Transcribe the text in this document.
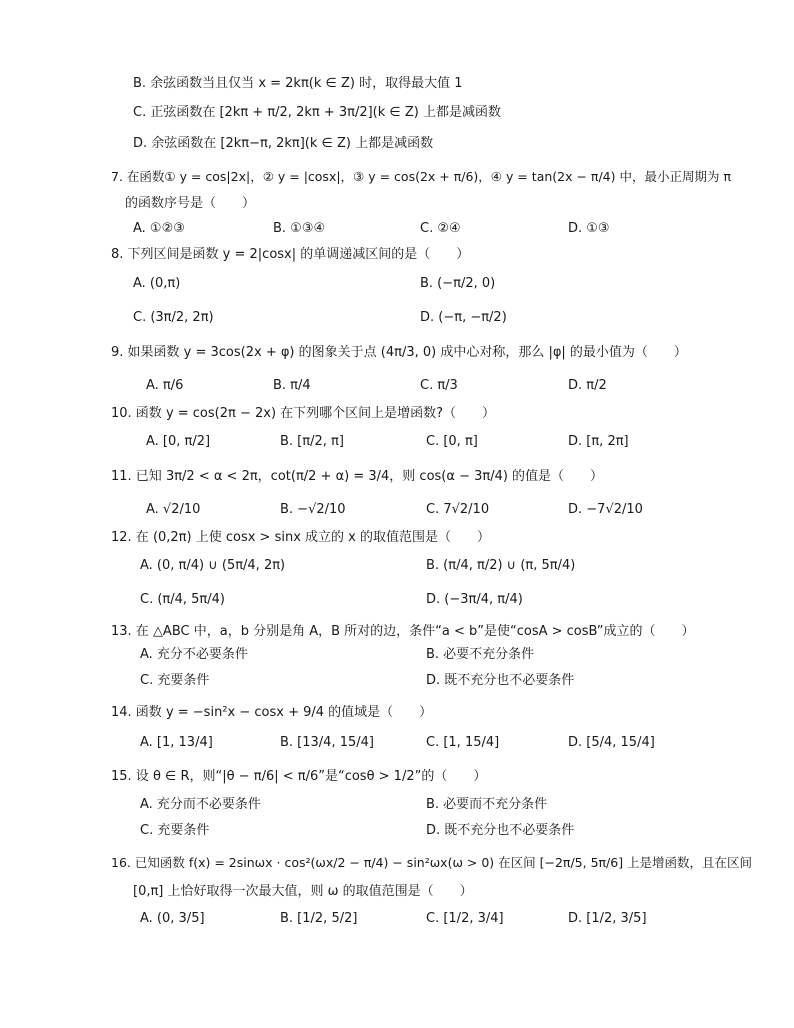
B. 余弦函数当且仅当 x = 2kπ(k ∈ Z) 时，取得最大值 1
C. 正弦函数在 [2kπ + π/2, 2kπ + 3π/2](k ∈ Z) 上都是减函数
D. 余弦函数在 [2kπ−π, 2kπ](k ∈ Z) 上都是减函数
7. 在函数① y = cos|2x|，② y = |cosx|，③ y = cos(2x + π/6)，④ y = tan(2x − π/4) 中，最小正周期为 π
的函数序号是（　　）
A. ①②③	B. ①③④	C. ②④	D. ①③
8. 下列区间是函数 y = 2|cosx| 的单调递减区间的是（　　）
A. (0,π)	B. (−π/2, 0)
C. (3π/2, 2π)	D. (−π, −π/2)
9. 如果函数 y = 3cos(2x + φ) 的图象关于点 (4π/3, 0) 成中心对称，那么 |φ| 的最小值为（　　）
A. π/6	B. π/4	C. π/3	D. π/2
10. 函数 y = cos(2π − 2x) 在下列哪个区间上是增函数?（　　）
A. [0, π/2]	B. [π/2, π]	C. [0, π]	D. [π, 2π]
11. 已知 3π/2 < α < 2π，cot(π/2 + α) = 3/4，则 cos(α − 3π/4) 的值是（　　）
A. √2/10	B. −√2/10	C. 7√2/10	D. −7√2/10
12. 在 (0,2π) 上使 cosx > sinx 成立的 x 的取值范围是（　　）
A. (0, π/4) ∪ (5π/4, 2π)	B. (π/4, π/2) ∪ (π, 5π/4)
C. (π/4, 5π/4)	D. (−3π/4, π/4)
13. 在 △ABC 中，a，b 分别是角 A，B 所对的边，条件“a < b”是使“cosA > cosB”成立的（　　）
A. 充分不必要条件	B. 必要不充分条件
C. 充要条件	D. 既不充分也不必要条件
14. 函数 y = −sin²x − cosx + 9/4 的值域是（　　）
A. [1, 13/4]	B. [13/4, 15/4]	C. [1, 15/4]	D. [5/4, 15/4]
15. 设 θ ∈ R，则“|θ − π/6| < π/6”是“cosθ > 1/2”的（　　）
A. 充分而不必要条件	B. 必要而不充分条件
C. 充要条件	D. 既不充分也不必要条件
16. 已知函数 f(x) = 2sinωx · cos²(ωx/2 − π/4) − sin²ωx(ω > 0) 在区间 [−2π/5, 5π/6] 上是增函数，且在区间
[0,π] 上恰好取得一次最大值，则 ω 的取值范围是（　　）
A. (0, 3/5]	B. [1/2, 5/2]	C. [1/2, 3/4]	D. [1/2, 3/5]
